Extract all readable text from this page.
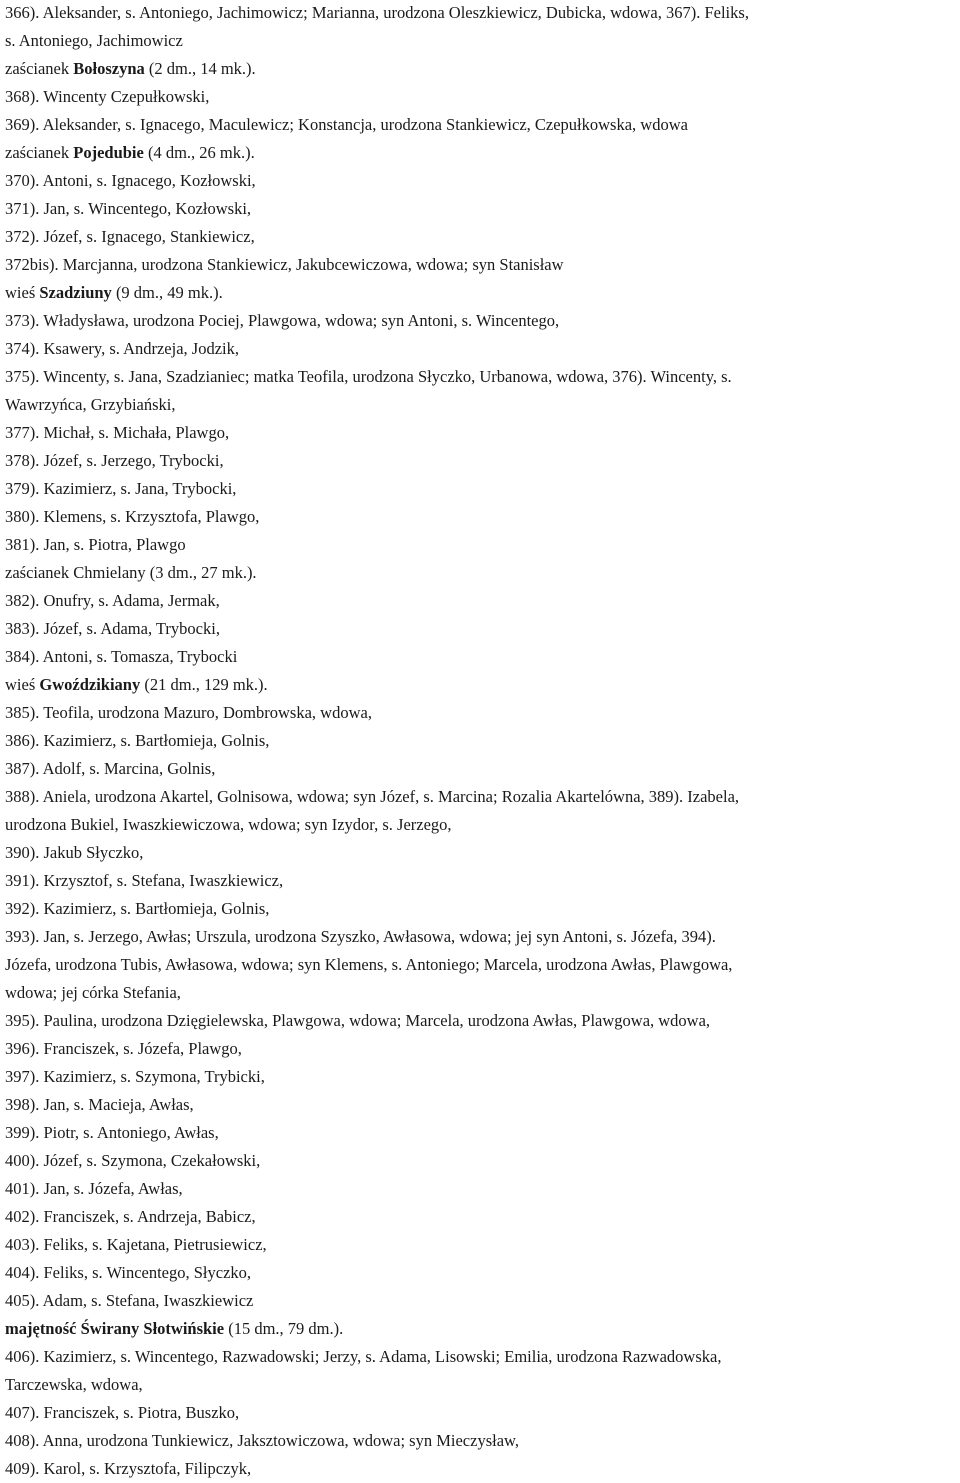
366). Aleksander, s. Antoniego, Jachimowicz; Marianna, urodzona Oleszkiewicz, Dubicka, wdowa, 367). Feliks,
s. Antoniego, Jachimowicz
zaścianek Bołoszyna (2 dm., 14 mk.).
368). Wincenty Czepułkowski,
369). Aleksander, s. Ignacego, Maculewicz; Konstancja, urodzona Stankiewicz, Czepułkowska, wdowa
zaścianek Pojedubie (4 dm., 26 mk.).
370). Antoni, s. Ignacego, Kozłowski,
371). Jan, s. Wincentego, Kozłowski,
372). Józef, s. Ignacego, Stankiewicz,
372bis). Marcjanna, urodzona Stankiewicz, Jakubcewiczowa, wdowa; syn Stanisław
wieś Szadziuny (9 dm., 49 mk.).
373). Władysława, urodzona Pociej, Plawgowa, wdowa; syn Antoni, s. Wincentego,
374). Ksawery, s. Andrzeja, Jodzik,
375). Wincenty, s. Jana, Szadzianiec; matka Teofila, urodzona Słyczko, Urbanowa, wdowa, 376). Wincenty, s.
Wawrzyńca, Grzybiański,
377). Michał, s. Michała, Plawgo,
378). Józef, s. Jerzego, Trybocki,
379). Kazimierz, s. Jana, Trybocki,
380). Klemens, s. Krzysztofa, Plawgo,
381). Jan, s. Piotra, Plawgo
zaścianek Chmielany (3 dm., 27 mk.).
382). Onufry, s. Adama, Jermak,
383). Józef, s. Adama, Trybocki,
384). Antoni, s. Tomasza, Trybocki
wieś Gwoździkiany (21 dm., 129 mk.).
385). Teofila, urodzona Mazuro, Dombrowska, wdowa,
386). Kazimierz, s. Bartłomieja, Golnis,
387). Adolf, s. Marcina, Golnis,
388). Aniela, urodzona Akartel, Golnisowa, wdowa; syn Józef, s. Marcina; Rozalia Akartelówna, 389). Izabela,
urodzona Bukiel, Iwaszkiewiczowa, wdowa; syn Izydor, s. Jerzego,
390). Jakub Słyczko,
391). Krzysztof, s. Stefana, Iwaszkiewicz,
392). Kazimierz, s. Bartłomieja, Golnis,
393). Jan, s. Jerzego, Awłas; Urszula, urodzona Szyszko, Awłasowa, wdowa; jej syn Antoni, s. Józefa, 394).
Józefa, urodzona Tubis, Awłasowa, wdowa; syn Klemens, s. Antoniego; Marcela, urodzona Awłas, Plawgowa,
wdowa; jej córka Stefania,
395). Paulina, urodzona Dzięgielewska, Plawgowa, wdowa; Marcela, urodzona Awłas, Plawgowa, wdowa,
396). Franciszek, s. Józefa, Plawgo,
397). Kazimierz, s. Szymona, Trybicki,
398). Jan, s. Macieja, Awłas,
399). Piotr, s. Antoniego, Awłas,
400). Józef, s. Szymona, Czekałowski,
401). Jan, s. Józefa, Awłas,
402). Franciszek, s. Andrzeja, Babicz,
403). Feliks, s. Kajetana, Pietrusiewicz,
404). Feliks, s. Wincentego, Słyczko,
405). Adam, s. Stefana, Iwaszkiewicz
majętność Świrany Słotwińskie (15 dm., 79 dm.).
406). Kazimierz, s. Wincentego, Razwadowski; Jerzy, s. Adama, Lisowski; Emilia, urodzona Razwadowska,
Tarczewska, wdowa,
407). Franciszek, s. Piotra, Buszko,
408). Anna, urodzona Tunkiewicz, Jaksztowiczowa, wdowa; syn Mieczysław,
409). Karol, s. Krzysztofa, Filipczyk,
